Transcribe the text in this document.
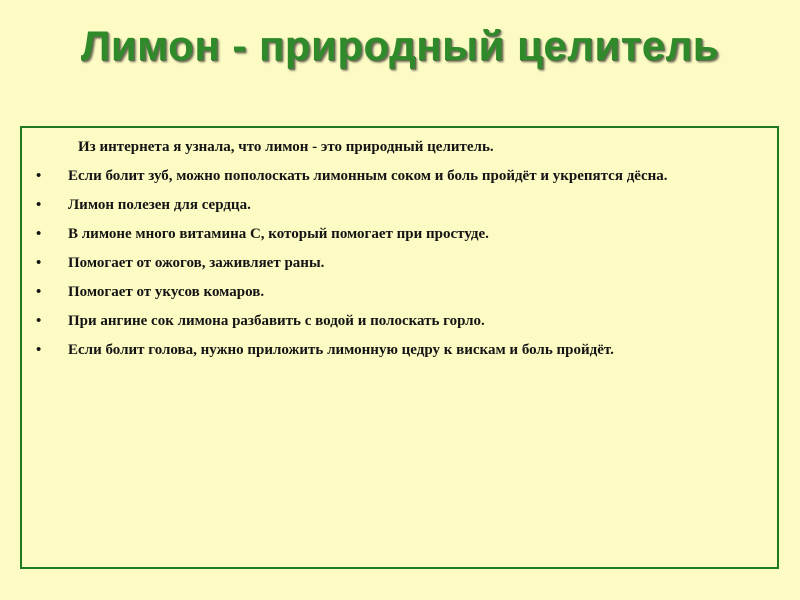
Лимон - природный целитель

Из интернета я узнала, что лимон - это природный целитель.

• Если болит зуб, можно пополоскать лимонным соком и боль пройдёт и укрепятся дёсна.
• Лимон полезен для сердца.
• В лимоне много витамина С, который помогает при простуде.
• Помогает от ожогов, заживляет раны.
• Помогает от укусов комаров.
• При ангине сок лимона разбавить с водой и полоскать горло.
• Если болит голова, нужно приложить лимонную цедру к вискам и боль пройдёт.
